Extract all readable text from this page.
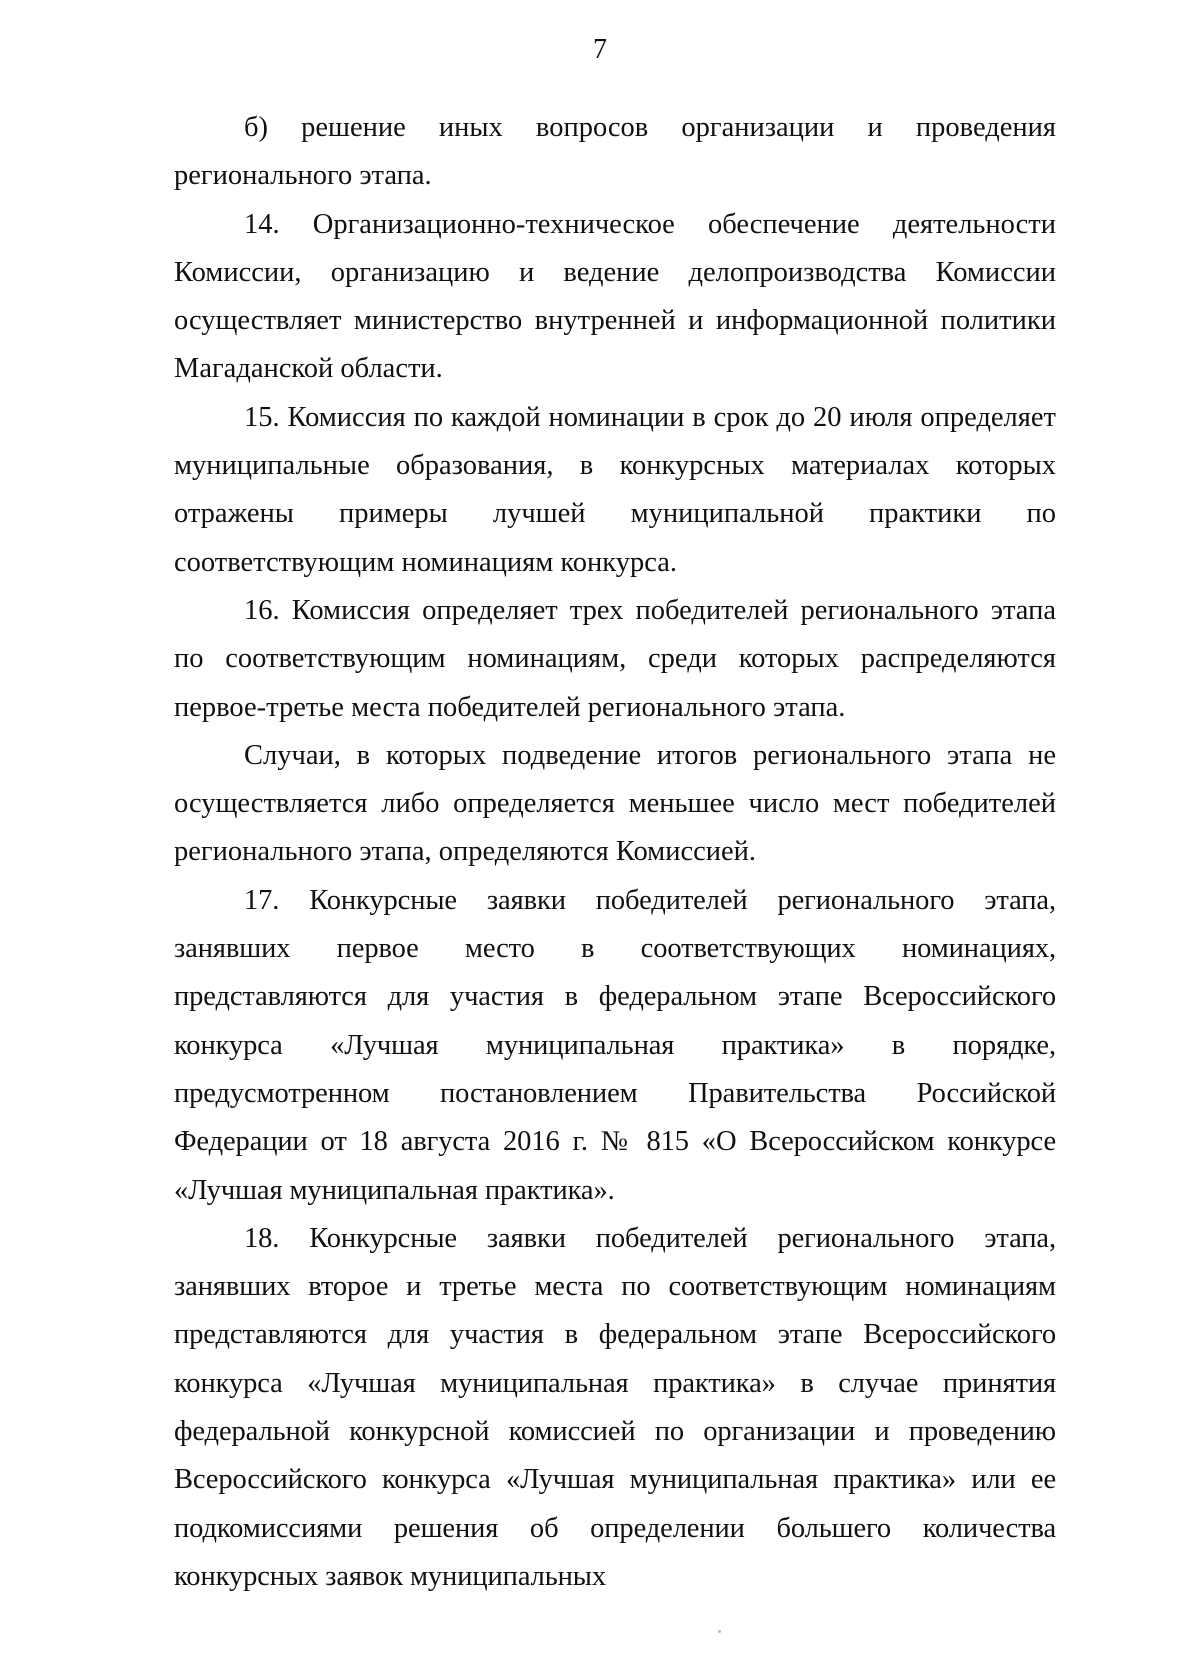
7

б) решение иных вопросов организации и проведения регионального этапа.

14. Организационно-техническое обеспечение деятельности Комиссии, организацию и ведение делопроизводства Комиссии осуществляет министерство внутренней и информационной политики Магаданской области.

15. Комиссия по каждой номинации в срок до 20 июля определяет муниципальные образования, в конкурсных материалах которых отражены примеры лучшей муниципальной практики по соответствующим номинациям конкурса.

16. Комиссия определяет трех победителей регионального этапа по соответствующим номинациям, среди которых распределяются первое-третье места победителей регионального этапа.

Случаи, в которых подведение итогов регионального этапа не осуществляется либо определяется меньшее число мест победителей регионального этапа, определяются Комиссией.

17. Конкурсные заявки победителей регионального этапа, занявших первое место в соответствующих номинациях, представляются для участия в федеральном этапе Всероссийского конкурса «Лучшая муниципальная практика» в порядке, предусмотренном постановлением Правительства Российской Федерации от 18 августа 2016 г. № 815 «О Всероссийском конкурсе «Лучшая муниципальная практика».

18. Конкурсные заявки победителей регионального этапа, занявших второе и третье места по соответствующим номинациям представляются для участия в федеральном этапе Всероссийского конкурса «Лучшая муниципальная практика» в случае принятия федеральной конкурсной комиссией по организации и проведению Всероссийского конкурса «Лучшая муниципальная практика» или ее подкомиссиями решения об определении большего количества конкурсных заявок муниципальных
